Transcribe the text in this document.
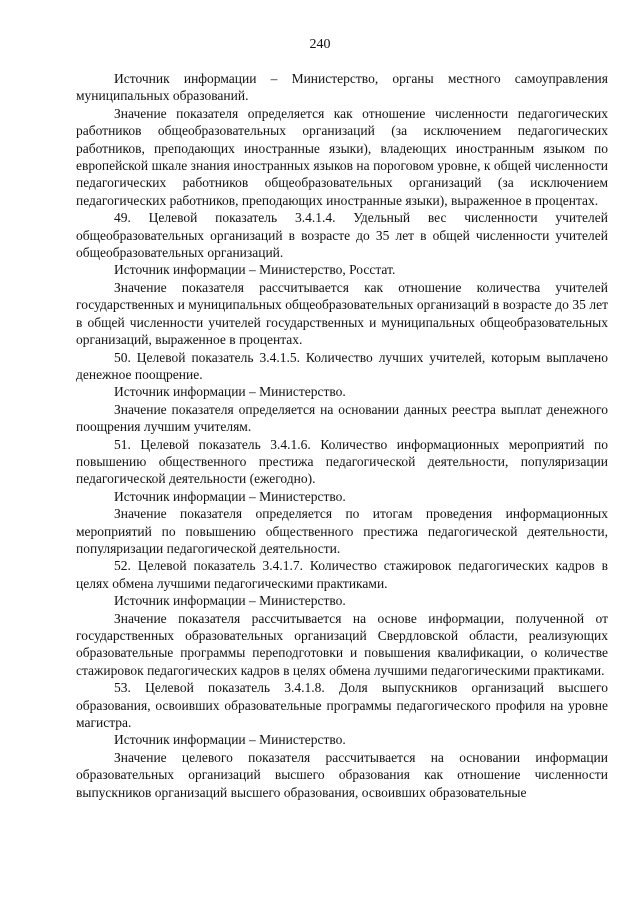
240

Источник информации – Министерство, органы местного самоуправления муниципальных образований.

Значение показателя определяется как отношение численности педагогических работников общеобразовательных организаций (за исключением педагогических работников, преподающих иностранные языки), владеющих иностранным языком по европейской шкале знания иностранных языков на пороговом уровне, к общей численности педагогических работников общеобразовательных организаций (за исключением педагогических работников, преподающих иностранные языки), выраженное в процентах.

49. Целевой показатель 3.4.1.4. Удельный вес численности учителей общеобразовательных организаций в возрасте до 35 лет в общей численности учителей общеобразовательных организаций.

Источник информации – Министерство, Росстат.

Значение показателя рассчитывается как отношение количества учителей государственных и муниципальных общеобразовательных организаций в возрасте до 35 лет в общей численности учителей государственных и муниципальных общеобразовательных организаций, выраженное в процентах.

50. Целевой показатель 3.4.1.5. Количество лучших учителей, которым выплачено денежное поощрение.

Источник информации – Министерство.

Значение показателя определяется на основании данных реестра выплат денежного поощрения лучшим учителям.

51. Целевой показатель 3.4.1.6. Количество информационных мероприятий по повышению общественного престижа педагогической деятельности, популяризации педагогической деятельности (ежегодно).

Источник информации – Министерство.

Значение показателя определяется по итогам проведения информационных мероприятий по повышению общественного престижа педагогической деятельности, популяризации педагогической деятельности.

52. Целевой показатель 3.4.1.7. Количество стажировок педагогических кадров в целях обмена лучшими педагогическими практиками.

Источник информации – Министерство.

Значение показателя рассчитывается на основе информации, полученной от государственных образовательных организаций Свердловской области, реализующих образовательные программы переподготовки и повышения квалификации, о количестве стажировок педагогических кадров в целях обмена лучшими педагогическими практиками.

53. Целевой показатель 3.4.1.8. Доля выпускников организаций высшего образования, освоивших образовательные программы педагогического профиля на уровне магистра.

Источник информации – Министерство.

Значение целевого показателя рассчитывается на основании информации образовательных организаций высшего образования как отношение численности выпускников организаций высшего образования, освоивших образовательные
